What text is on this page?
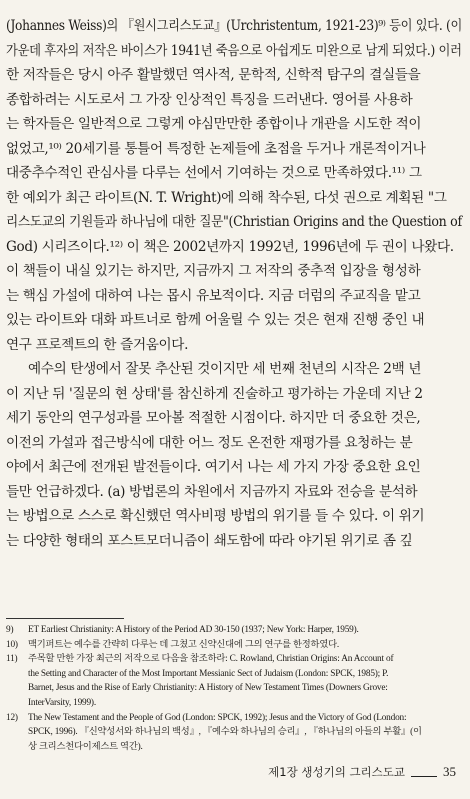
(Johannes Weiss)의 『원시그리스도교』(Urchristentum, 1921-23)⁹⁾ 등이 있다. (이
가운데 후자의 저작은 바이스가 1941년 죽음으로 아쉽게도 미완으로 남게 되었다.) 이러
한 저작들은 당시 아주 활발했던 역사적, 문학적, 신학적 탐구의 결실들을
종합하려는 시도로서 그 가장 인상적인 특징을 드러낸다. 영어를 사용하
는 학자들은 일반적으로 그렇게 야심만만한 종합이나 개관을 시도한 적이
없었고,¹⁰⁾ 20세기를 통틀어 특정한 논제들에 초점을 두거나 개론적이거나
대중추수적인 관심사를 다루는 선에서 기여하는 것으로 만족하였다.¹¹⁾ 그
한 예외가 최근 라이트(N. T. Wright)에 의해 착수된, 다섯 권으로 계획된 "그
리스도교의 기원들과 하나님에 대한 질문"(Christian Origins and the Question of
God) 시리즈이다.¹²⁾ 이 책은 2002년까지 1992년, 1996년에 두 권이 나왔다.
이 책들이 내실 있기는 하지만, 지금까지 그 저작의 중추적 입장을 형성하
는 핵심 가설에 대하여 나는 몹시 유보적이다. 지금 더럼의 주교직을 맡고
있는 라이트와 대화 파트너로 함께 어울릴 수 있는 것은 현재 진행 중인 내
연구 프로젝트의 한 즐거움이다.
예수의 탄생에서 잘못 추산된 것이지만 세 번째 천년의 시작은 2백 년
이 지난 뒤 '질문의 현 상태'를 참신하게 진술하고 평가하는 가운데 지난 2
세기 동안의 연구성과를 모아볼 적절한 시점이다. 하지만 더 중요한 것은,
이전의 가설과 접근방식에 대한 어느 정도 온전한 재평가를 요청하는 분
야에서 최근에 전개된 발전들이다. 여기서 나는 세 가지 가장 중요한 요인
들만 언급하겠다. (a) 방법론의 차원에서 지금까지 자료와 전승을 분석하
는 방법으로 스스로 확신했던 역사비평 방법의 위기를 들 수 있다. 이 위기
는 다양한 형태의 포스트모더니즘이 쇄도함에 따라 야기된 위기로 좀 깊
9)	ET Earliest Christianity: A History of the Period AD 30-150 (1937; New York: Harper, 1959).
10)	맥기퍼트는 예수를 간략히 다루는 데 그쳤고 신약신대에 그의 연구를 한정하였다.
11)	주목할 만한 가장 최근의 저작으로 다음을 참조하라: C. Rowland, Christian Origins: An Account of
the Setting and Character of the Most Important Messianic Sect of Judaism (London: SPCK, 1985); P.
Barnet, Jesus and the Rise of Early Christianity: A History of New Testament Times (Downers Grove:
InterVarsity, 1999).
12)	The New Testament and the People of God (London: SPCK, 1992); Jesus and the Victory of God (London:
SPCK, 1996). 『신약성서와 하나님의 백성』, 『예수와 하나님의 승리』, 『하나님의 아들의 부활』(이
상 크리스천다이제스트 역간).
제1장 생성기의 그리스도교	35
